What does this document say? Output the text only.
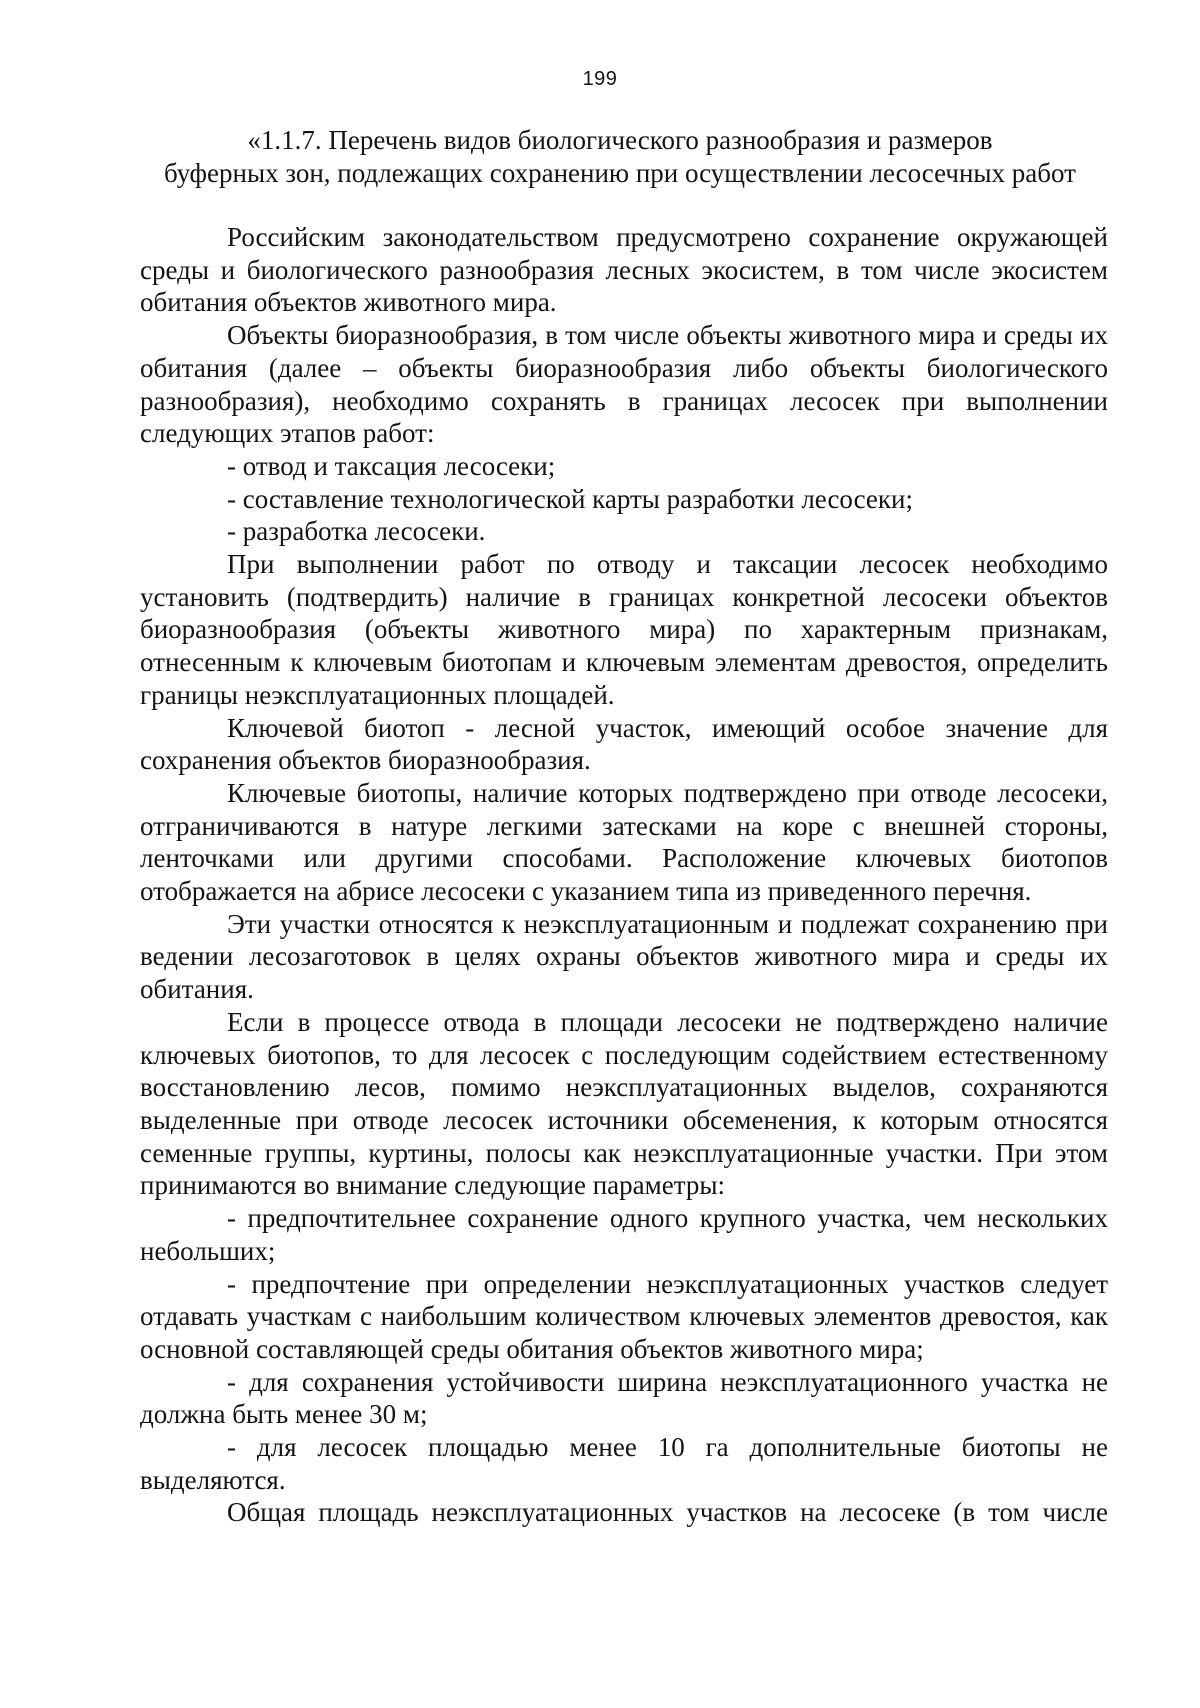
199
«1.1.7. Перечень видов биологического разнообразия и размеров
буферных зон, подлежащих сохранению при осуществлении лесосечных работ

Российским законодательством предусмотрено сохранение окружающей среды и биологического разнообразия лесных экосистем, в том числе экосистем обитания объектов животного мира.

Объекты биоразнообразия, в том числе объекты животного мира и среды их обитания (далее – объекты биоразнообразия либо объекты биологического разнообразия), необходимо сохранять в границах лесосек при выполнении следующих этапов работ:

- отвод и таксация лесосеки;

- составление технологической карты разработки лесосеки;

- разработка лесосеки.

При выполнении работ по отводу и таксации лесосек необходимо установить (подтвердить) наличие в границах конкретной лесосеки объектов биоразнообразия (объекты животного мира) по характерным признакам, отнесенным к ключевым биотопам и ключевым элементам древостоя, определить границы неэксплуатационных площадей.

Ключевой биотоп - лесной участок, имеющий особое значение для сохранения объектов биоразнообразия.

Ключевые биотопы, наличие которых подтверждено при отводе лесосеки, отграничиваются в натуре легкими затесками на коре с внешней стороны, ленточками или другими способами. Расположение ключевых биотопов отображается на абрисе лесосеки с указанием типа из приведенного перечня.

Эти участки относятся к неэксплуатационным и подлежат сохранению при ведении лесозаготовок в целях охраны объектов животного мира и среды их обитания.

Если в процессе отвода в площади лесосеки не подтверждено наличие ключевых биотопов, то для лесосек с последующим содействием естественному восстановлению лесов, помимо неэксплуатационных выделов, сохраняются выделенные при отводе лесосек источники обсеменения, к которым относятся семенные группы, куртины, полосы как неэксплуатационные участки. При этом принимаются во внимание следующие параметры:

- предпочтительнее сохранение одного крупного участка, чем нескольких небольших;

- предпочтение при определении неэксплуатационных участков следует отдавать участкам с наибольшим количеством ключевых элементов древостоя, как основной составляющей среды обитания объектов животного мира;

- для сохранения устойчивости ширина неэксплуатационного участка не должна быть менее 30 м;

- для лесосек площадью менее 10 га дополнительные биотопы не выделяются.

Общая площадь неэксплуатационных участков на лесосеке (в том числе
